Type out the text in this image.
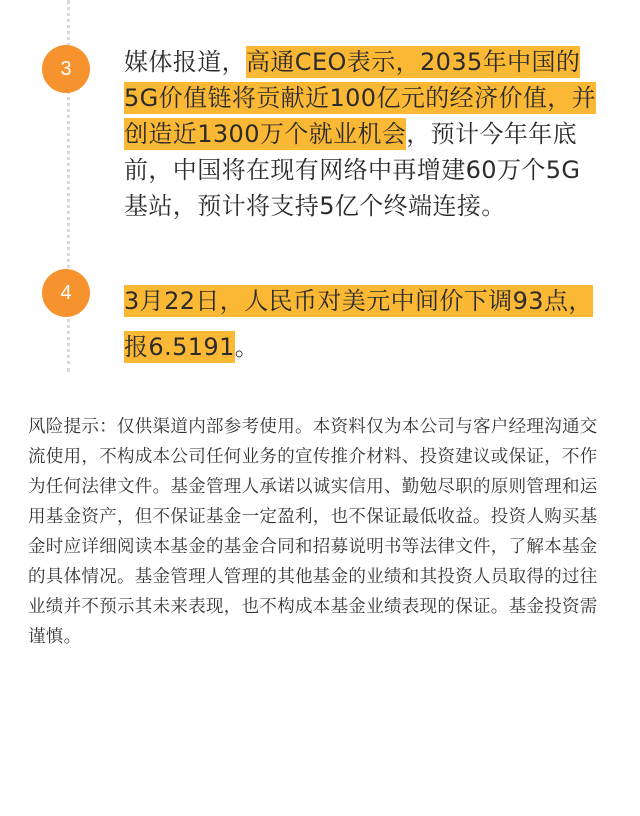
3	媒体报道，高通CEO表示，2035年中国的5G价值链将贡献近100亿元的经济价值，并创造近1300万个就业机会，预计今年年底前，中国将在现有网络中再增建60万个5G基站，预计将支持5亿个终端连接。
4	3月22日，人民币对美元中间价下调93点，报6.5191。
风险提示：仅供渠道内部参考使用。本资料仅为本公司与客户经理沟通交流使用，不构成本公司任何业务的宣传推介材料、投资建议或保证，不作为任何法律文件。基金管理人承诺以诚实信用、勤勉尽职的原则管理和运用基金资产，但不保证基金一定盈利，也不保证最低收益。投资人购买基金时应详细阅读本基金的基金合同和招募说明书等法律文件，了解本基金的具体情况。基金管理人管理的其他基金的业绩和其投资人员取得的过往业绩并不预示其未来表现，也不构成本基金业绩表现的保证。基金投资需谨慎。
